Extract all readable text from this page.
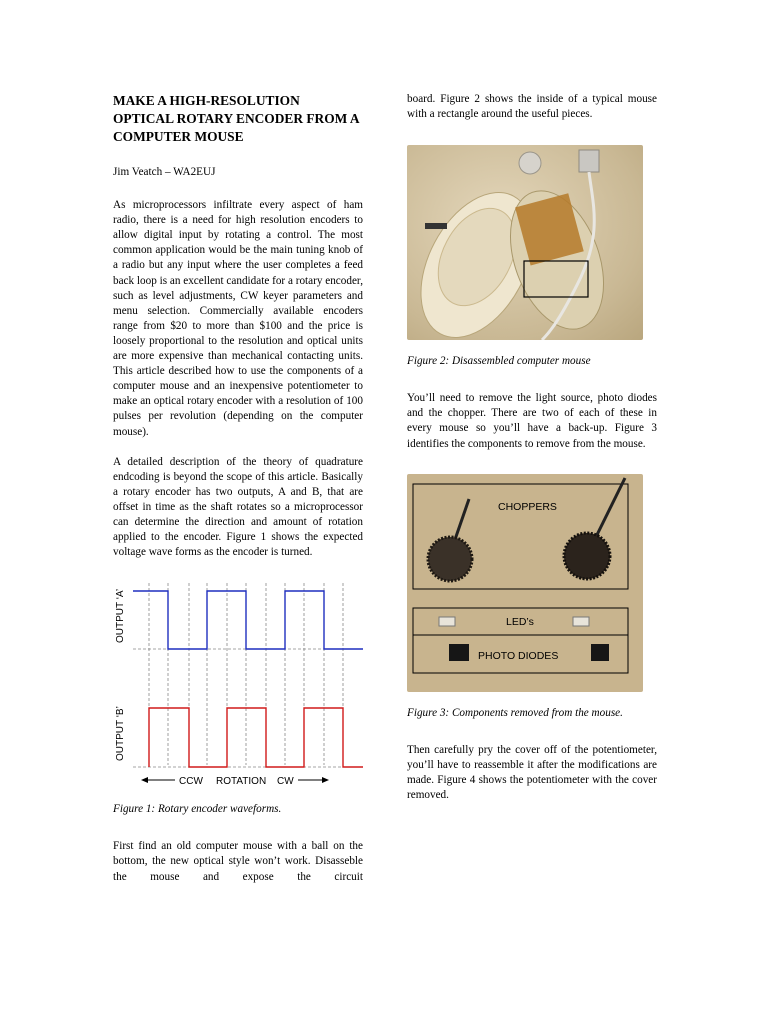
MAKE A HIGH-RESOLUTION OPTICAL ROTARY ENCODER FROM A COMPUTER MOUSE
Jim Veatch – WA2EUJ

As microprocessors infiltrate every aspect of ham radio, there is a need for high resolution encoders to allow digital input by rotating a control. The most common application would be the main tuning knob of a radio but any input where the user completes a feed back loop is an excellent candidate for a rotary encoder, such as level adjustments, CW keyer parameters and menu selection. Commercially available encoders range from $20 to more than $100 and the price is loosely proportional to the resolution and optical units are more expensive than mechanical contacting units. This article described how to use the components of a computer mouse and an inexpensive potentiometer to make an optical rotary encoder with a resolution of 100 pulses per revolution (depending on the computer mouse).

A detailed description of the theory of quadrature endcoding is beyond the scope of this article. Basically a rotary encoder has two outputs, A and B, that are offset in time as the shaft rotates so a microprocessor can determine the direction and amount of rotation applied to the encoder. Figure 1 shows the expected voltage wave forms as the encoder is turned.

OUTPUT ‘A’
OUTPUT ‘B’
CCW ROTATION CW
Figure 1: Rotary encoder waveforms.

First find an old computer mouse with a ball on the bottom, the new optical style won’t work. Disasseble the mouse and expose the circuit

board. Figure 2 shows the inside of a typical mouse with a rectangle around the useful pieces.

Figure 2: Disassembled computer mouse

You’ll need to remove the light source, photo diodes and the chopper. There are two of each of these in every mouse so you’ll have a back-up. Figure 3 identifies the components to remove from the mouse.

CHOPPERS
LED’s
PHOTO DIODES
Figure 3: Components removed from the mouse.

Then carefully pry the cover off of the potentiometer, you’ll have to reassemble it after the modifications are made. Figure 4 shows the potentiometer with the cover removed.
